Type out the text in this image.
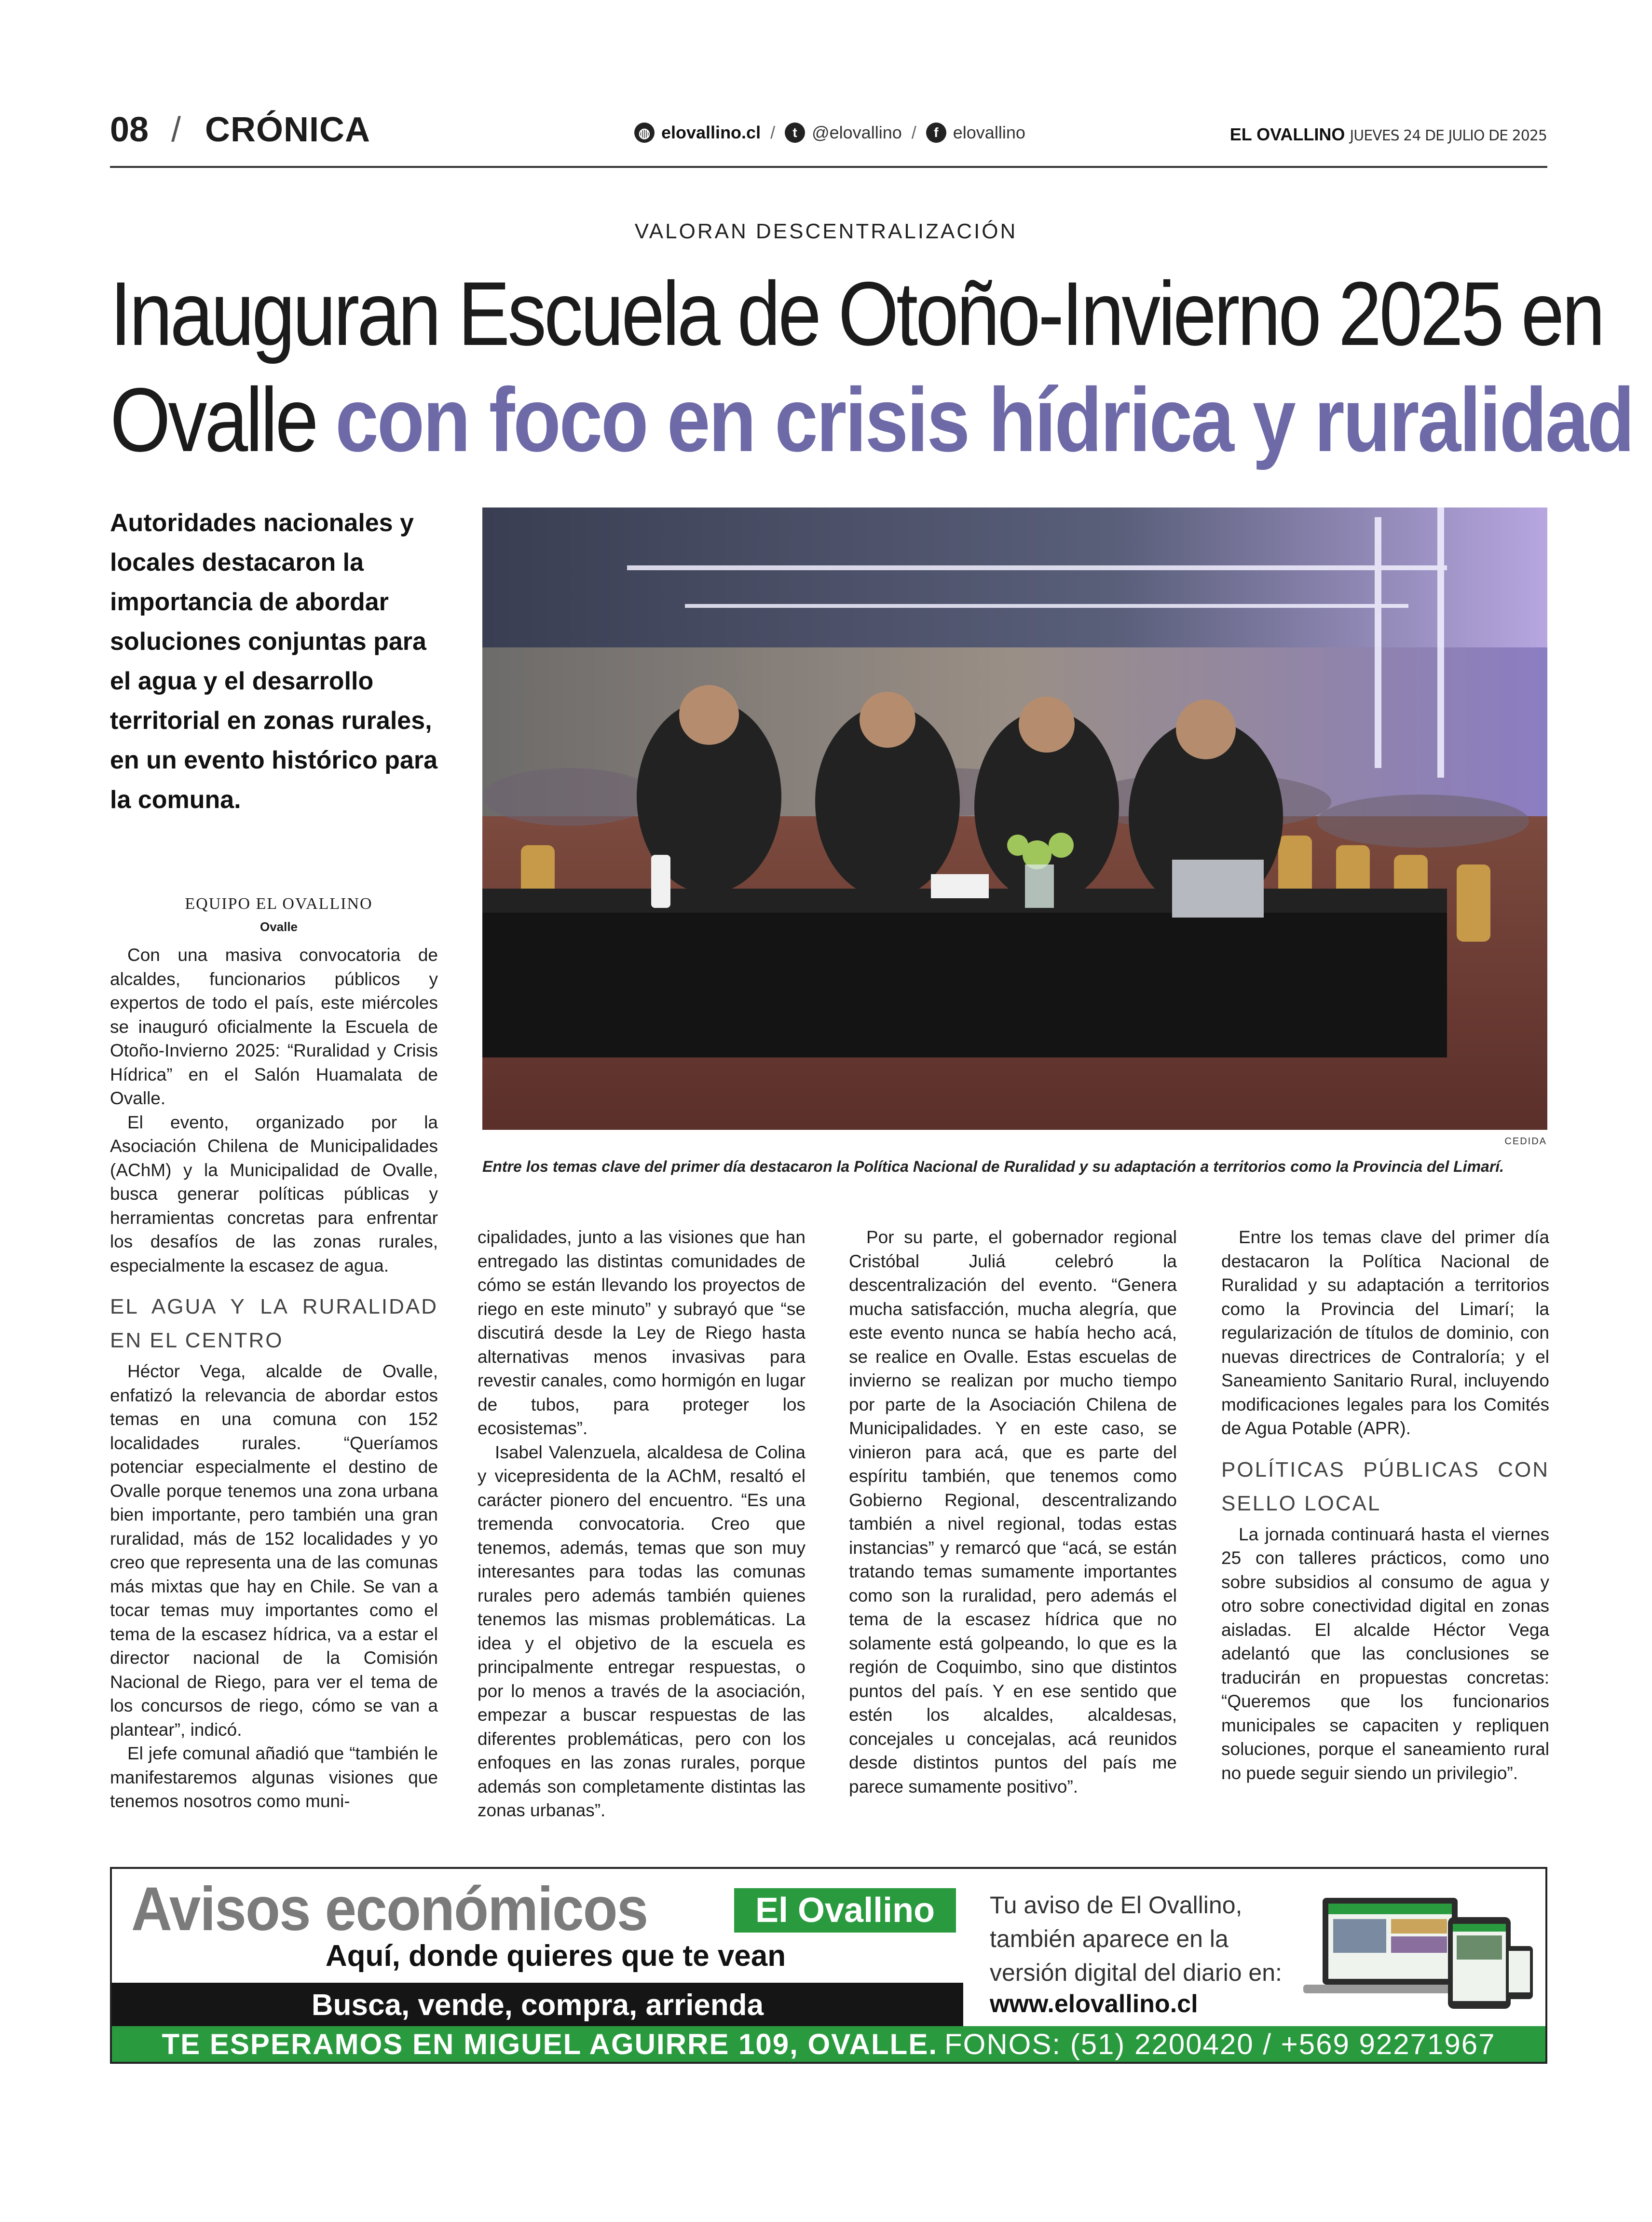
08 / CRÓNICA	◍ elovallino.cl /	t @elovallino /	f elovallino	EL OVALLINO JUEVES 24 DE JULIO DE 2025
VALORAN DESCENTRALIZACIÓN
Inauguran Escuela de Otoño-Invierno 2025 en
Ovalle con foco en crisis hídrica y ruralidad
Autoridades nacionales y locales destacaron la importancia de abordar soluciones conjuntas para el agua y el desarrollo territorial en zonas rurales, en un evento histórico para la comuna.
CEDIDA
Entre los temas clave del primer día destacaron la Política Nacional de Ruralidad y su adaptación a territorios como la Provincia del Limarí.
EQUIPO EL OVALLINO
Ovalle

Con una masiva convocatoria de alcaldes, funcionarios públicos y expertos de todo el país, este miércoles se inauguró oficialmente la Escuela de Otoño-Invierno 2025: “Ruralidad y Crisis Hídrica” en el Salón Huamalata de Ovalle.

El evento, organizado por la Asociación Chilena de Municipalidades (AChM) y la Municipalidad de Ovalle, busca generar políticas públicas y herramientas concretas para enfrentar los desafíos de las zonas rurales, especialmente la escasez de agua.

EL AGUA Y LA RURALIDAD EN EL CENTRO

Héctor Vega, alcalde de Ovalle, enfatizó la relevancia de abordar estos temas en una comuna con 152 localidades rurales. “Queríamos potenciar especialmente el destino de Ovalle porque tenemos una zona urbana bien importante, pero también una gran ruralidad, más de 152 localidades y yo creo que representa una de las comunas más mixtas que hay en Chile. Se van a tocar temas muy importantes como el tema de la escasez hídrica, va a estar el director nacional de la Comisión Nacional de Riego, para ver el tema de los concursos de riego, cómo se van a plantear”, indicó.

El jefe comunal añadió que “también le manifestaremos algunas visiones que tenemos nosotros como muni-

cipalidades, junto a las visiones que han entregado las distintas comunidades de cómo se están llevando los proyectos de riego en este minuto” y subrayó que “se discutirá desde la Ley de Riego hasta alternativas menos invasivas para revestir canales, como hormigón en lugar de tubos, para proteger los ecosistemas”.

Isabel Valenzuela, alcaldesa de Colina y vicepresidenta de la AChM, resaltó el carácter pionero del encuentro. “Es una tremenda convocatoria. Creo que tenemos, además, temas que son muy interesantes para todas las comunas rurales pero además también quienes tenemos las mismas problemáticas. La idea y el objetivo de la escuela es principalmente entregar respuestas, o por lo menos a través de la asociación, empezar a buscar respuestas de las diferentes problemáticas, pero con los enfoques en las zonas rurales, porque además son completamente distintas las zonas urbanas”.

Por su parte, el gobernador regional Cristóbal Juliá celebró la descentralización del evento. “Genera mucha satisfacción, mucha alegría, que este evento nunca se había hecho acá, se realice en Ovalle. Estas escuelas de invierno se realizan por mucho tiempo por parte de la Asociación Chilena de Municipalidades. Y en este caso, se vinieron para acá, que es parte del espíritu también, que tenemos como Gobierno Regional, descentralizando también a nivel regional, todas estas instancias” y remarcó que “acá, se están tratando temas sumamente importantes como son la ruralidad, pero además el tema de la escasez hídrica que no solamente está golpeando, lo que es la región de Coquimbo, sino que distintos puntos del país. Y en ese sentido que estén los alcaldes, alcaldesas, concejales u concejalas, acá reunidos desde distintos puntos del país me parece sumamente positivo”.

Entre los temas clave del primer día destacaron la Política Nacional de Ruralidad y su adaptación a territorios como la Provincia del Limarí; la regularización de títulos de dominio, con nuevas directrices de Contraloría; y el Saneamiento Sanitario Rural, incluyendo modificaciones legales para los Comités de Agua Potable (APR).

POLÍTICAS PÚBLICAS CON SELLO LOCAL

La jornada continuará hasta el viernes 25 con talleres prácticos, como uno sobre subsidios al consumo de agua y otro sobre conectividad digital en zonas aisladas. El alcalde Héctor Vega adelantó que las conclusiones se traducirán en propuestas concretas: “Queremos que los funcionarios municipales se capaciten y repliquen soluciones, porque el saneamiento rural no puede seguir siendo un privilegio”.

Avisos económicos	El Ovallino
Aquí, donde quieres que te vean
Busca, vende, compra, arrienda
Tu aviso de El Ovallino, también aparece en la versión digital del diario en:
www.elovallino.cl
TE ESPERAMOS EN MIGUEL AGUIRRE 109, OVALLE. FONOS: (51) 2200420 / +569 92271967
